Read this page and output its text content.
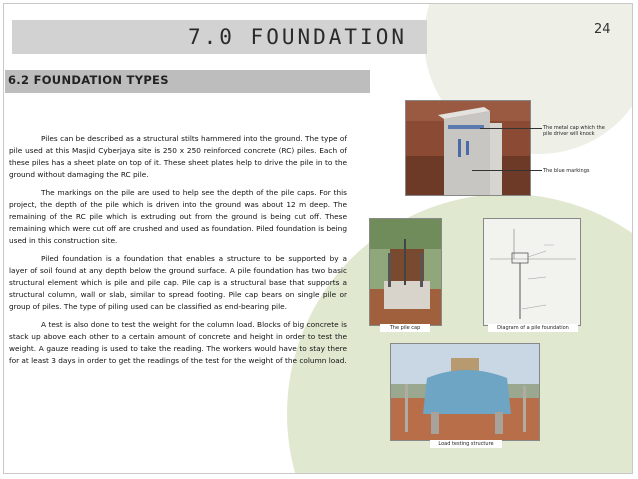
7.0 FOUNDATION	24
6.2 FOUNDATION TYPES

Piles can be described as a structural stilts hammered into the ground. The type of pile used at this Masjid Cyberjaya site is 250 x 250 reinforced concrete (RC) piles. Each of these piles has a sheet plate on top of it. These sheet plates help to drive the pile in to the ground without damaging the RC pile.

The markings on the pile are used to help see the depth of the pile caps. For this project, the depth of the pile which is driven into the ground was about 12 m deep. The remaining of the RC pile which is extruding out from the ground is being cut off. These remaining which were cut off are crushed and used as foundation. Piled foundation is being used in this construction site.

Piled foundation is a foundation that enables a structure to be supported by a layer of soil found at any depth below the ground surface. A pile foundation has two basic structural element which is pile and pile cap. Pile cap is a structural base that supports a structural column, wall or slab, similar to spread footing. Pile cap bears on single pile or group of piles. The type of piling used can be classified as end-bearing pile.

A test is also done to test the weight for the column load. Blocks of big concrete is stack up above each other to a certain amount of concrete and height in order to test the weight. A gauze reading is used to take the reading. The workers would have to stay there for at least 3 days in order to get the readings of the test for the weight of the column load.

The metal cap which the pile driver will knock
The blue markings
The pile cap	Diagram of a pile foundation
Load testing structure
